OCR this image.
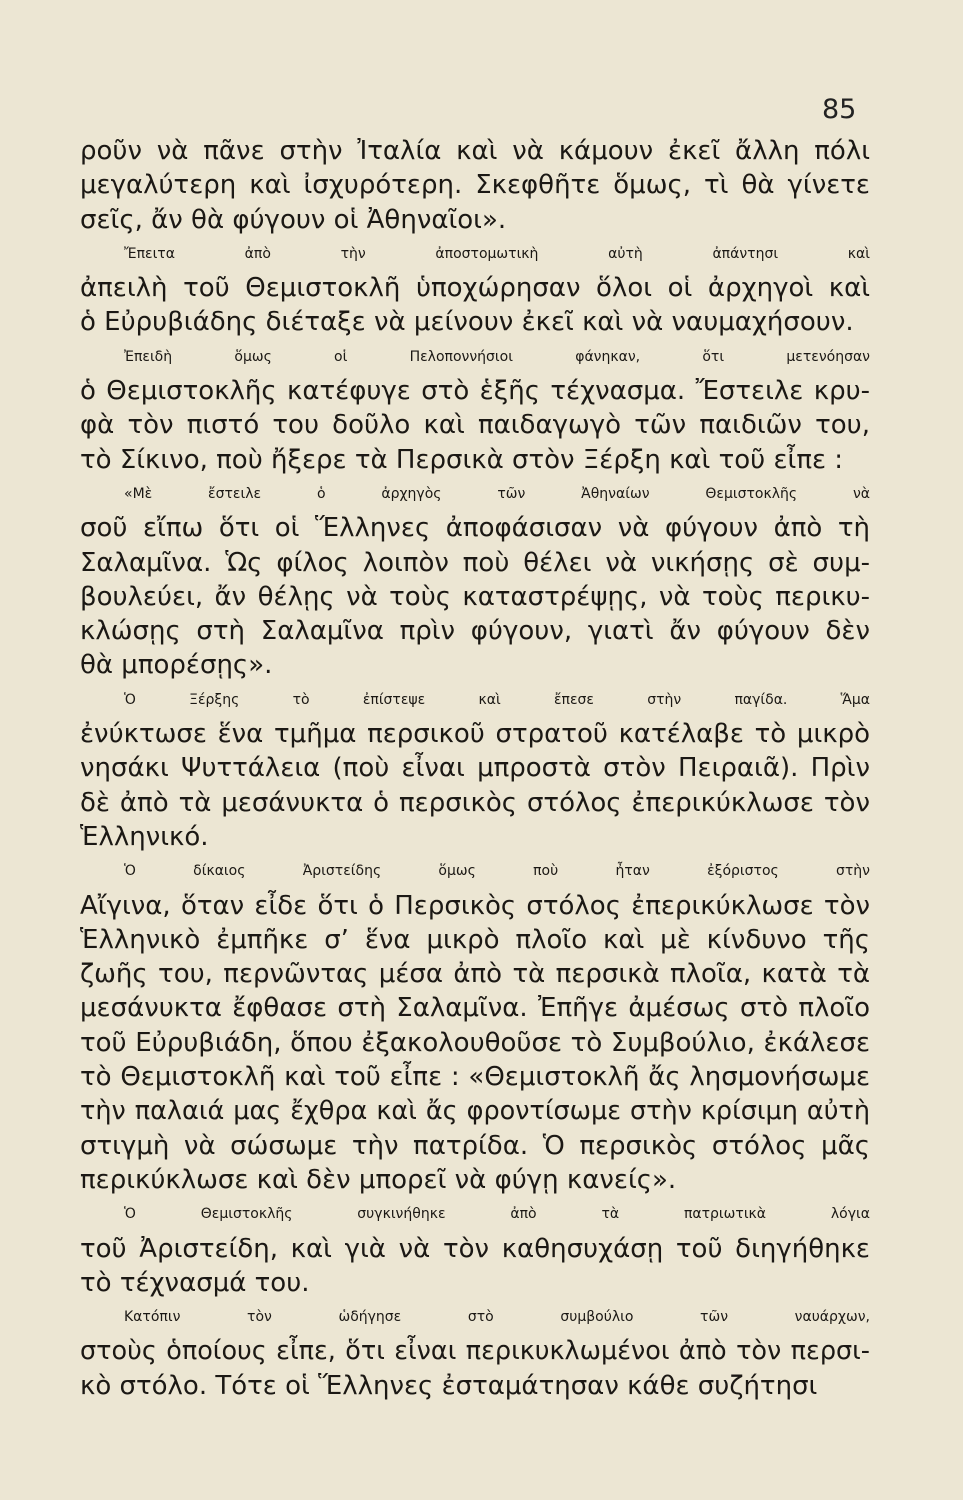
85
ροῦν νὰ πᾶνε στὴν Ἰταλία καὶ νὰ κάμουν ἐκεῖ ἄλλη πόλι
μεγαλύτερη καὶ ἰσχυρότερη. Σκεφθῆτε ὅμως, τὶ θὰ γίνετε
σεῖς, ἄν θὰ φύγουν οἱ Ἀθηναῖοι».
Ἔπειτα ἀπὸ τὴν ἀποστομωτικὴ αὐτὴ ἀπάντησι καὶ
ἀπειλὴ τοῦ Θεμιστοκλῆ ὑποχώρησαν ὅλοι οἱ ἀρχηγοὶ καὶ
ὁ Εὐρυβιάδης διέταξε νὰ μείνουν ἐκεῖ καὶ νὰ ναυμαχήσουν.
Ἐπειδὴ ὅμως οἱ Πελοποννήσιοι φάνηκαν, ὅτι μετενόησαν
ὁ Θεμιστοκλῆς κατέφυγε στὸ ἑξῆς τέχνασμα. Ἔστειλε κρυ-
φὰ τὸν πιστό του δοῦλο καὶ παιδαγωγὸ τῶν παιδιῶν του,
τὸ Σίκινο, ποὺ ἤξερε τὰ Περσικὰ στὸν Ξέρξη καὶ τοῦ εἶπε :
«Μὲ ἔστειλε ὁ ἀρχηγὸς τῶν Ἀθηναίων Θεμιστοκλῆς νὰ
σοῦ εἴπω ὅτι οἱ Ἕλληνες ἀποφάσισαν νὰ φύγουν ἀπὸ τὴ
Σαλαμῖνα. Ὡς φίλος λοιπὸν ποὺ θέλει νὰ νικήσῃς σὲ συμ-
βουλεύει, ἄν θέλῃς νὰ τοὺς καταστρέψῃς, νὰ τοὺς περικυ-
κλώσῃς στὴ Σαλαμῖνα πρὶν φύγουν, γιατὶ ἄν φύγουν δὲν
θὰ μπορέσῃς».
Ὁ Ξέρξης τὸ ἐπίστεψε καὶ ἔπεσε στὴν παγίδα. Ἅμα
ἐνύκτωσε ἕνα τμῆμα περσικοῦ στρατοῦ κατέλαβε τὸ μικρὸ
νησάκι Ψυττάλεια (ποὺ εἶναι μπροστὰ στὸν Πειραιᾶ). Πρὶν
δὲ ἀπὸ τὰ μεσάνυκτα ὁ περσικὸς στόλος ἐπερικύκλωσε τὸν
Ἑλληνικό.
Ὁ δίκαιος Ἀριστείδης ὅμως ποὺ ἦταν ἐξόριστος στὴν
Αἴγινα, ὅταν εἶδε ὅτι ὁ Περσικὸς στόλος ἐπερικύκλωσε τὸν
Ἑλληνικὸ ἐμπῆκε σ’ ἕνα μικρὸ πλοῖο καὶ μὲ κίνδυνο τῆς
ζωῆς του, περνῶντας μέσα ἀπὸ τὰ περσικὰ πλοῖα, κατὰ τὰ
μεσάνυκτα ἔφθασε στὴ Σαλαμῖνα. Ἐπῆγε ἀμέσως στὸ πλοῖο
τοῦ Εὐρυβιάδη, ὅπου ἐξακολουθοῦσε τὸ Συμβούλιο, ἐκάλεσε
τὸ Θεμιστοκλῆ καὶ τοῦ εἶπε : «Θεμιστοκλῆ ἄς λησμονήσωμε
τὴν παλαιά μας ἔχθρα καὶ ἄς φροντίσωμε στὴν κρίσιμη αὐτὴ
στιγμὴ νὰ σώσωμε τὴν πατρίδα. Ὁ περσικὸς στόλος μᾶς
περικύκλωσε καὶ δὲν μπορεῖ νὰ φύγῃ κανείς».
Ὁ Θεμιστοκλῆς συγκινήθηκε ἀπὸ τὰ πατριωτικὰ λόγια
τοῦ Ἀριστείδη, καὶ γιὰ νὰ τὸν καθησυχάσῃ τοῦ διηγήθηκε
τὸ τέχνασμά του.
Κατόπιν τὸν ὡδήγησε στὸ συμβούλιο τῶν ναυάρχων,
στοὺς ὁποίους εἶπε, ὅτι εἶναι περικυκλωμένοι ἀπὸ τὸν περσι-
κὸ στόλο. Τότε οἱ Ἕλληνες ἐσταμάτησαν κάθε συζήτησι
